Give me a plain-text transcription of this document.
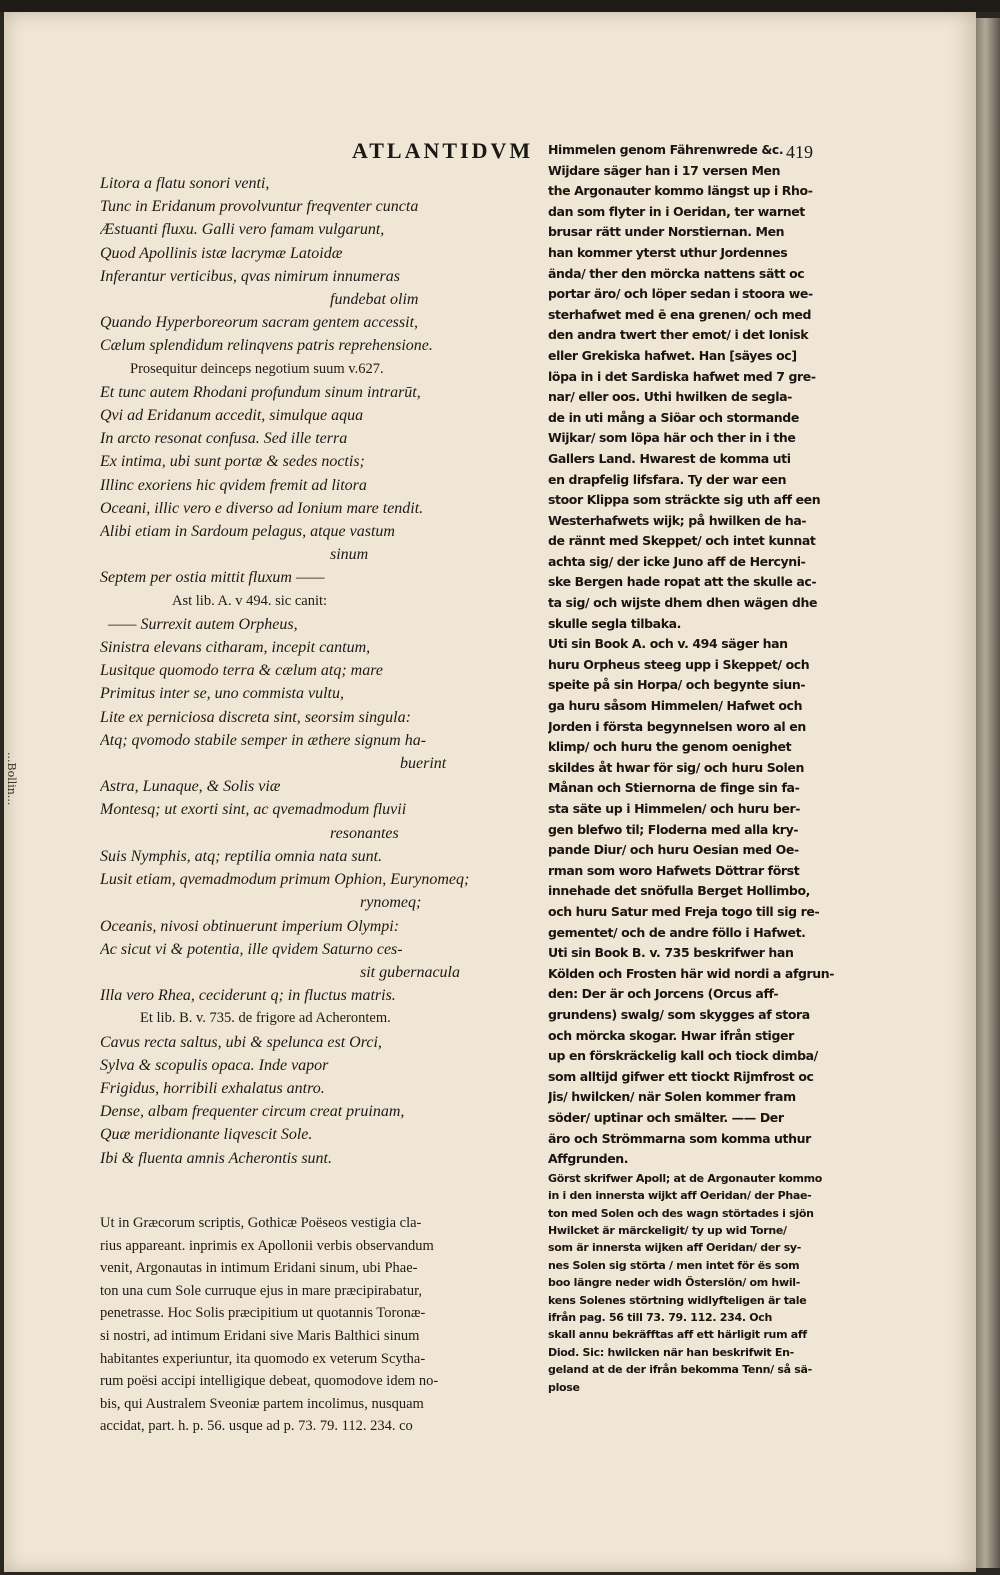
...Bollin...
ATLANTIDVM	419
Litora a flatu sonori venti,
Tunc in Eridanum provolvuntur freqventer cuncta
Æstuanti fluxu. Galli vero famam vulgarunt,
Quod Apollinis istæ lacrymæ Latoidæ
Inferantur verticibus, qvas nimirum innumeras
fundebat olim
Quando Hyperboreorum sacram gentem accessit,
Cælum splendidum relinqvens patris reprehensione.
Prosequitur deinceps negotium suum v.627.
Et tunc autem Rhodani profundum sinum intrarūt,
Qvi ad Eridanum accedit, simulque aqua
In arcto resonat confusa. Sed ille terra
Ex intima, ubi sunt portæ & sedes noctis;
Illinc exoriens hic qvidem fremit ad litora
Oceani, illic vero e diverso ad Ionium mare tendit.
Alibi etiam in Sardoum pelagus, atque vastum
sinum
Septem per ostia mittit fluxum ——
Ast lib. A. v 494. sic canit:
—— Surrexit autem Orpheus,
Sinistra elevans citharam, incepit cantum,
Lusitque quomodo terra & cælum atq; mare
Primitus inter se, uno commista vultu,
Lite ex perniciosa discreta sint, seorsim singula:
Atq; qvomodo stabile semper in æthere signum ha-
buerint
Astra, Lunaque, & Solis viæ
Montesq; ut exorti sint, ac qvemadmodum fluvii
resonantes
Suis Nymphis, atq; reptilia omnia nata sunt.
Lusit etiam, qvemadmodum primum Ophion, Eurynomeq;
rynomeq;
Oceanis, nivosi obtinuerunt imperium Olympi:
Ac sicut vi & potentia, ille qvidem Saturno ces-
sit gubernacula
Illa vero Rhea, ceciderunt q; in fluctus matris.
Et lib. B. v. 735. de frigore ad Acherontem.
Cavus recta saltus, ubi & spelunca est Orci,
Sylva & scopulis opaca. Inde vapor
Frigidus, horribili exhalatus antro.
Dense, albam frequenter circum creat pruinam,
Quæ meridionante liqvescit Sole.
Ibi & fluenta amnis Acherontis sunt.
Ut in Græcorum scriptis, Gothicæ Poëseos vestigia cla-
rius appareant. inprimis ex Apollonii verbis observandum
venit, Argonautas in intimum Eridani sinum, ubi Phae-
ton una cum Sole curruque ejus in mare præcipirabatur,
penetrasse. Hoc Solis præcipitium ut quotannis Toronæ-
si nostri, ad intimum Eridani sive Maris Balthici sinum
habitantes experiuntur, ita quomodo ex veterum Scytha-
rum poësi accipi intelligique debeat, quomodove idem no-
bis, qui Australem Sveoniæ partem incolimus, nusquam
accidat, part. h. p. 56. usque ad p. 73. 79. 112. 234. co
Himmelen genom Fährenwrede &c.
Wijdare säger han i 17 versen Men
the Argonauter kommo längst up i Rho-
dan som flyter in i Oeridan, ter warnet
brusar rätt under Norstiernan. Men
han kommer yterst uthur Jordennes
ända/ ther den mörcka nattens sätt oc
portar äro/ och löper sedan i stoora we-
sterhafwet med ē ena grenen/ och med
den andra twert ther emot/ i det Ionisk
eller Grekiska hafwet. Han [säyes oc]
löpa in i det Sardiska hafwet med 7 gre-
nar/ eller oos. Uthi hwilken de segla-
de in uti mång a Siöar och stormande
Wijkar/ som löpa här och ther in i the
Gallers Land. Hwarest de komma uti
en drapfelig lifsfara. Ty der war een
stoor Klippa som sträckte sig uth aff een
Westerhafwets wijk; på hwilken de ha-
de rännt med Skeppet/ och intet kunnat
achta sig/ der icke Juno aff de Hercyni-
ske Bergen hade ropat att the skulle ac-
ta sig/ och wijste dhem dhen wägen dhe
skulle segla tilbaka.
Uti sin Book A. och v. 494 säger han
huru Orpheus steeg upp i Skeppet/ och
speite på sin Horpa/ och begynte siun-
ga huru såsom Himmelen/ Hafwet och
Jorden i första begynnelsen woro al en
klimp/ och huru the genom oenighet
skildes åt hwar för sig/ och huru Solen
Månan och Stiernorna de finge sin fa-
sta säte up i Himmelen/ och huru ber-
gen blefwo til; Floderna med alla kry-
pande Diur/ och huru Oesian med Oe-
rman som woro Hafwets Döttrar först
innehade det snöfulla Berget Hollimbo,
och huru Satur med Freja togo till sig re-
gementet/ och de andre föllo i Hafwet.
Uti sin Book B. v. 735 beskrifwer han
Kölden och Frosten här wid nordi a afgrun-
den: Der är och Jorcens (Orcus aff-
grundens) swalg/ som skygges af stora
och mörcka skogar. Hwar ifrån stiger
up en förskräckelig kall och tiock dimba/
som alltijd gifwer ett tiockt Rijmfrost oc
Jis/ hwilcken/ när Solen kommer fram
söder/ uptinar och smälter. —— Der
äro och Strömmarna som komma uthur
Affgrunden.
Görst skrifwer Apoll; at de Argonauter kommo
in i den innersta wijkt aff Oeridan/ der Phae-
ton med Solen och des wagn störtades i sjön
Hwilcket är märckeligit/ ty up wid Torne/
som är innersta wijken aff Oeridan/ der sy-
nes Solen sig störta / men intet för ës som
boo längre neder widh Österslön/ om hwil-
kens Solenes störtning widlyfteligen är tale
ifrån pag. 56 till 73. 79. 112. 234. Och
skall annu bekräfftas aff ett härligit rum aff
Diod. Sic: hwilcken när han beskrifwit En-
geland at de der ifrån bekomma Tenn/ så sä-
plose
